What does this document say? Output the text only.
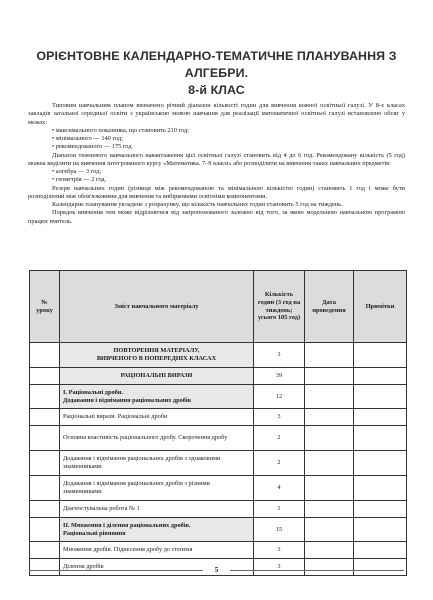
ОРІЄНТОВНЕ КАЛЕНДАРНО-ТЕМАТИЧНЕ ПЛАНУВАННЯ З АЛГЕБРИ.
8-й КЛАС

Типовим навчальним планом визначено річний діапазон кількості годин для вивчення кожної освітньої галузі. У 8-х класах закладів загальної середньої освіти з українською мовою навчання для реалізації математичної освітньої галузі встановлено обсяг у межах:

• максимального показника, що становить 210 год;

• мінімального — 140 год;

• рекомендованого — 175 год.

Діапазон тижневого навчального навантаження цієї освітньої галузі становить від 4 до 6 год. Рекомендовану кількість (5 год) можна виділити на вивчення інтегрованого курсу «Математика. 7–9 класи» або розподілити на вивчення таких навчальних предметів:

• алгебра — 3 год;

• геометрія — 2 год.

Резерв навчальних годин (різниця між рекомендованою та мінімальною кількістю годин) становить 1 год і може бути розподілений між обов'язковими для вивчення та вибірковими освітніми компонентами.

Календарне планування укладене з розрахунку, що кількість навчальних годин становить 5 год на тиждень.

Порядок вивчення тем може відрізнятися від запропонованого залежно від того, за якою модельною навчальною програмою працює вчитель.

№ уроку	Зміст навчального матеріалу	Кількість годин (3 год на тиждень; усього 105 год)	Дата проведення	Примітки

	ПОВТОРЕННЯ МАТЕРІАЛУ,
ВИВЧЕНОГО В ПОПЕРЕДНІХ КЛАСАХ	3		

	РАЦІОНАЛЬНІ ВИРАЗИ	39		

	І. Раціональні дроби.
Додавання і віднімання раціональних дробів	12		

	Раціональні вирази. Раціональні дроби	3		

	Основна властивість раціонального дробу. Скорочення дробу	2		

	Додавання і віднімання раціональних дробів з однаковими знаменниками	2		

	Додавання і віднімання раціональних дробів з різними знаменниками	4		

	Діагностувальна робота № 1	1		

	ІІ. Множення і ділення раціональних дробів.
Раціональні рівняння	15		

	Множення дробів. Піднесення дробу до степеня	3		

	Ділення дробів	3		
5
